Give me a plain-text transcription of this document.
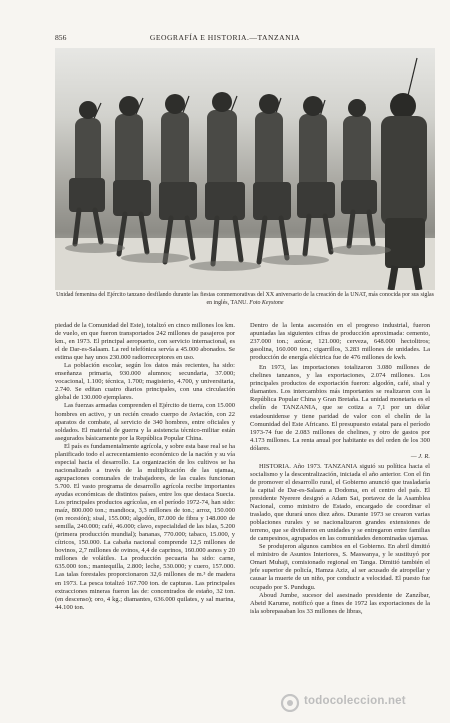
856	GEOGRAFÍA E HISTORIA.—TANZANIA
Unidad femenina del Ejército tanzano desfilando durante las fiestas conmemorativas del XX aniversario de la creación de la UNAT, más conocida por sus siglas en inglés, TANU. Foto Keystone

piedad de la Comunidad del Este), totalizó en cinco millones los km. de vuelo, en que fueron transportados 242 millones de pasajeros por km., en 1973. El principal aeropuerto, con servicio internacional, es el de Dar-es-Salaam. La red telefónica servía a 45.000 abonados. Se estima que hay unos 230.000 radiorreceptores en uso.

La población escolar, según los datos más recientes, ha sido: enseñanza primaria, 930.000 alumnos; secundaria, 37.000; vocacional, 1.100; técnica, 1.700; magisterio, 4.700, y universitaria, 2.740. Se editan cuatro diarios principales, con una circulación global de 130.000 ejemplares.

Las fuerzas armadas comprenden el Ejército de tierra, con 15.000 hombres en activo, y un recién creado cuerpo de Aviación, con 22 aparatos de combate, al servicio de 340 hombres, entre oficiales y soldados. El material de guerra y la asistencia técnico-militar están asegurados básicamente por la República Popular China.

El país es fundamentalmente agrícola, y sobre esta base real se ha planificado todo el acrecentamiento económico de la nación y su vía especial hacia el desarrollo. La organización de los cultivos se ha nacionalizado a través de la multiplicación de las ujamaa, agrupaciones comunales de trabajadores, de las cuales funcionan 5.700. El vasto programa de desarrollo agrícola recibe importantes ayudas económicas de distintos países, entre los que destaca Suecia. Los principales productos agrícolas, en el período 1972-74, han sido: maíz, 800.000 ton.; mandioca, 3,3 millones de ton.; arroz, 150.000 (en recesión); sisal, 155.000; algodón, 87.000 de fibra y 148.000 de semilla, 240.000; café, 46.000; clavo, especialidad de las islas, 5.200 (primera producción mundial); bananas, 770.000; tabaco, 15.000, y cítricos, 150.000. La cabaña nacional comprende 12,5 millones de bovinos, 2,7 millones de ovinos, 4,4 de caprinos, 160.000 asnos y 20 millones de volátiles. La producción pecuaria ha sido: carne, 635.000 ton.; mantequilla, 2.800; leche, 530.000; y cuero, 157.000. Las talas forestales proporcionaron 32,6 millones de m.³ de madera en 1973. La pesca totalizó 167.700 ton. de capturas. Las principales extracciones mineras fueron las de: concentrados de estaño, 32 ton. (en descenso); oro, 4 kg.; diamantes, 636.000 quilates, y sal marina, 44.100 ton.

Dentro de la lenta ascensión en el progreso industrial, fueron apuntadas las siguientes cifras de producción aproximada: cemento, 237.000 ton.; azúcar, 121.000; cerveza, 648.000 hectolitros; gasolina, 160.000 ton.; cigarrillos, 3.283 millones de unidades. La producción de energía eléctrica fue de 476 millones de kwh.

En 1973, las importaciones totalizaron 3.080 millones de chelines tanzanos, y las exportaciones, 2.074 millones. Los principales productos de exportación fueron: algodón, café, sisal y diamantes. Los intercambios más importantes se realizaron con la República Popular China y Gran Bretaña. La unidad monetaria es el chelín de TANZANIA, que se cotiza a 7,1 por un dólar estadounidense y tiene paridad de valor con el chelín de la Comunidad del Este Africano. El presupuesto estatal para el período 1973-74 fue de 2.083 millones de chelines, y otro de gastos por 4.173 millones. La renta anual por habitante es del orden de los 300 dólares.

— J. R.

HISTORIA. Año 1973. TANZANIA siguió su política hacia el socialismo y la descentralización, iniciada el año anterior. Con el fin de promover el desarrollo rural, el Gobierno anunció que trasladaría la capital de Dar-es-Salaam a Dodoma, en el centro del país. El presidente Nyerere designó a Adam Sai, portavoz de la Asamblea Nacional, como ministro de Estado, encargado de coordinar el traslado, que durará unos diez años. Durante 1973 se crearon varias poblaciones rurales y se nacionalizaron grandes extensiones de terreno, que se dividieron en unidades y se entregaron entre familias de campesinos, agrupados en las comunidades denominadas ujamaa.

Se produjeron algunos cambios en el Gobierno. En abril dimitió el ministro de Asuntos Interiores, S. Maswanya, y le sustituyó por Omari Muhaji, comisionado regional en Tanga. Dimitió también el jefe superior de policía, Hamza Aziz, al ser acusado de atropellar y causar la muerte de un niño, por conducir a velocidad. El puesto fue ocupado por S. Pundugu.

Aboud Jumbe, sucesor del asesinado presidente de Zanzíbar, Abeid Karume, notificó que a fines de 1972 las exportaciones de la isla sobrepasaban los 33 millones de libras,

todocoleccion.net
